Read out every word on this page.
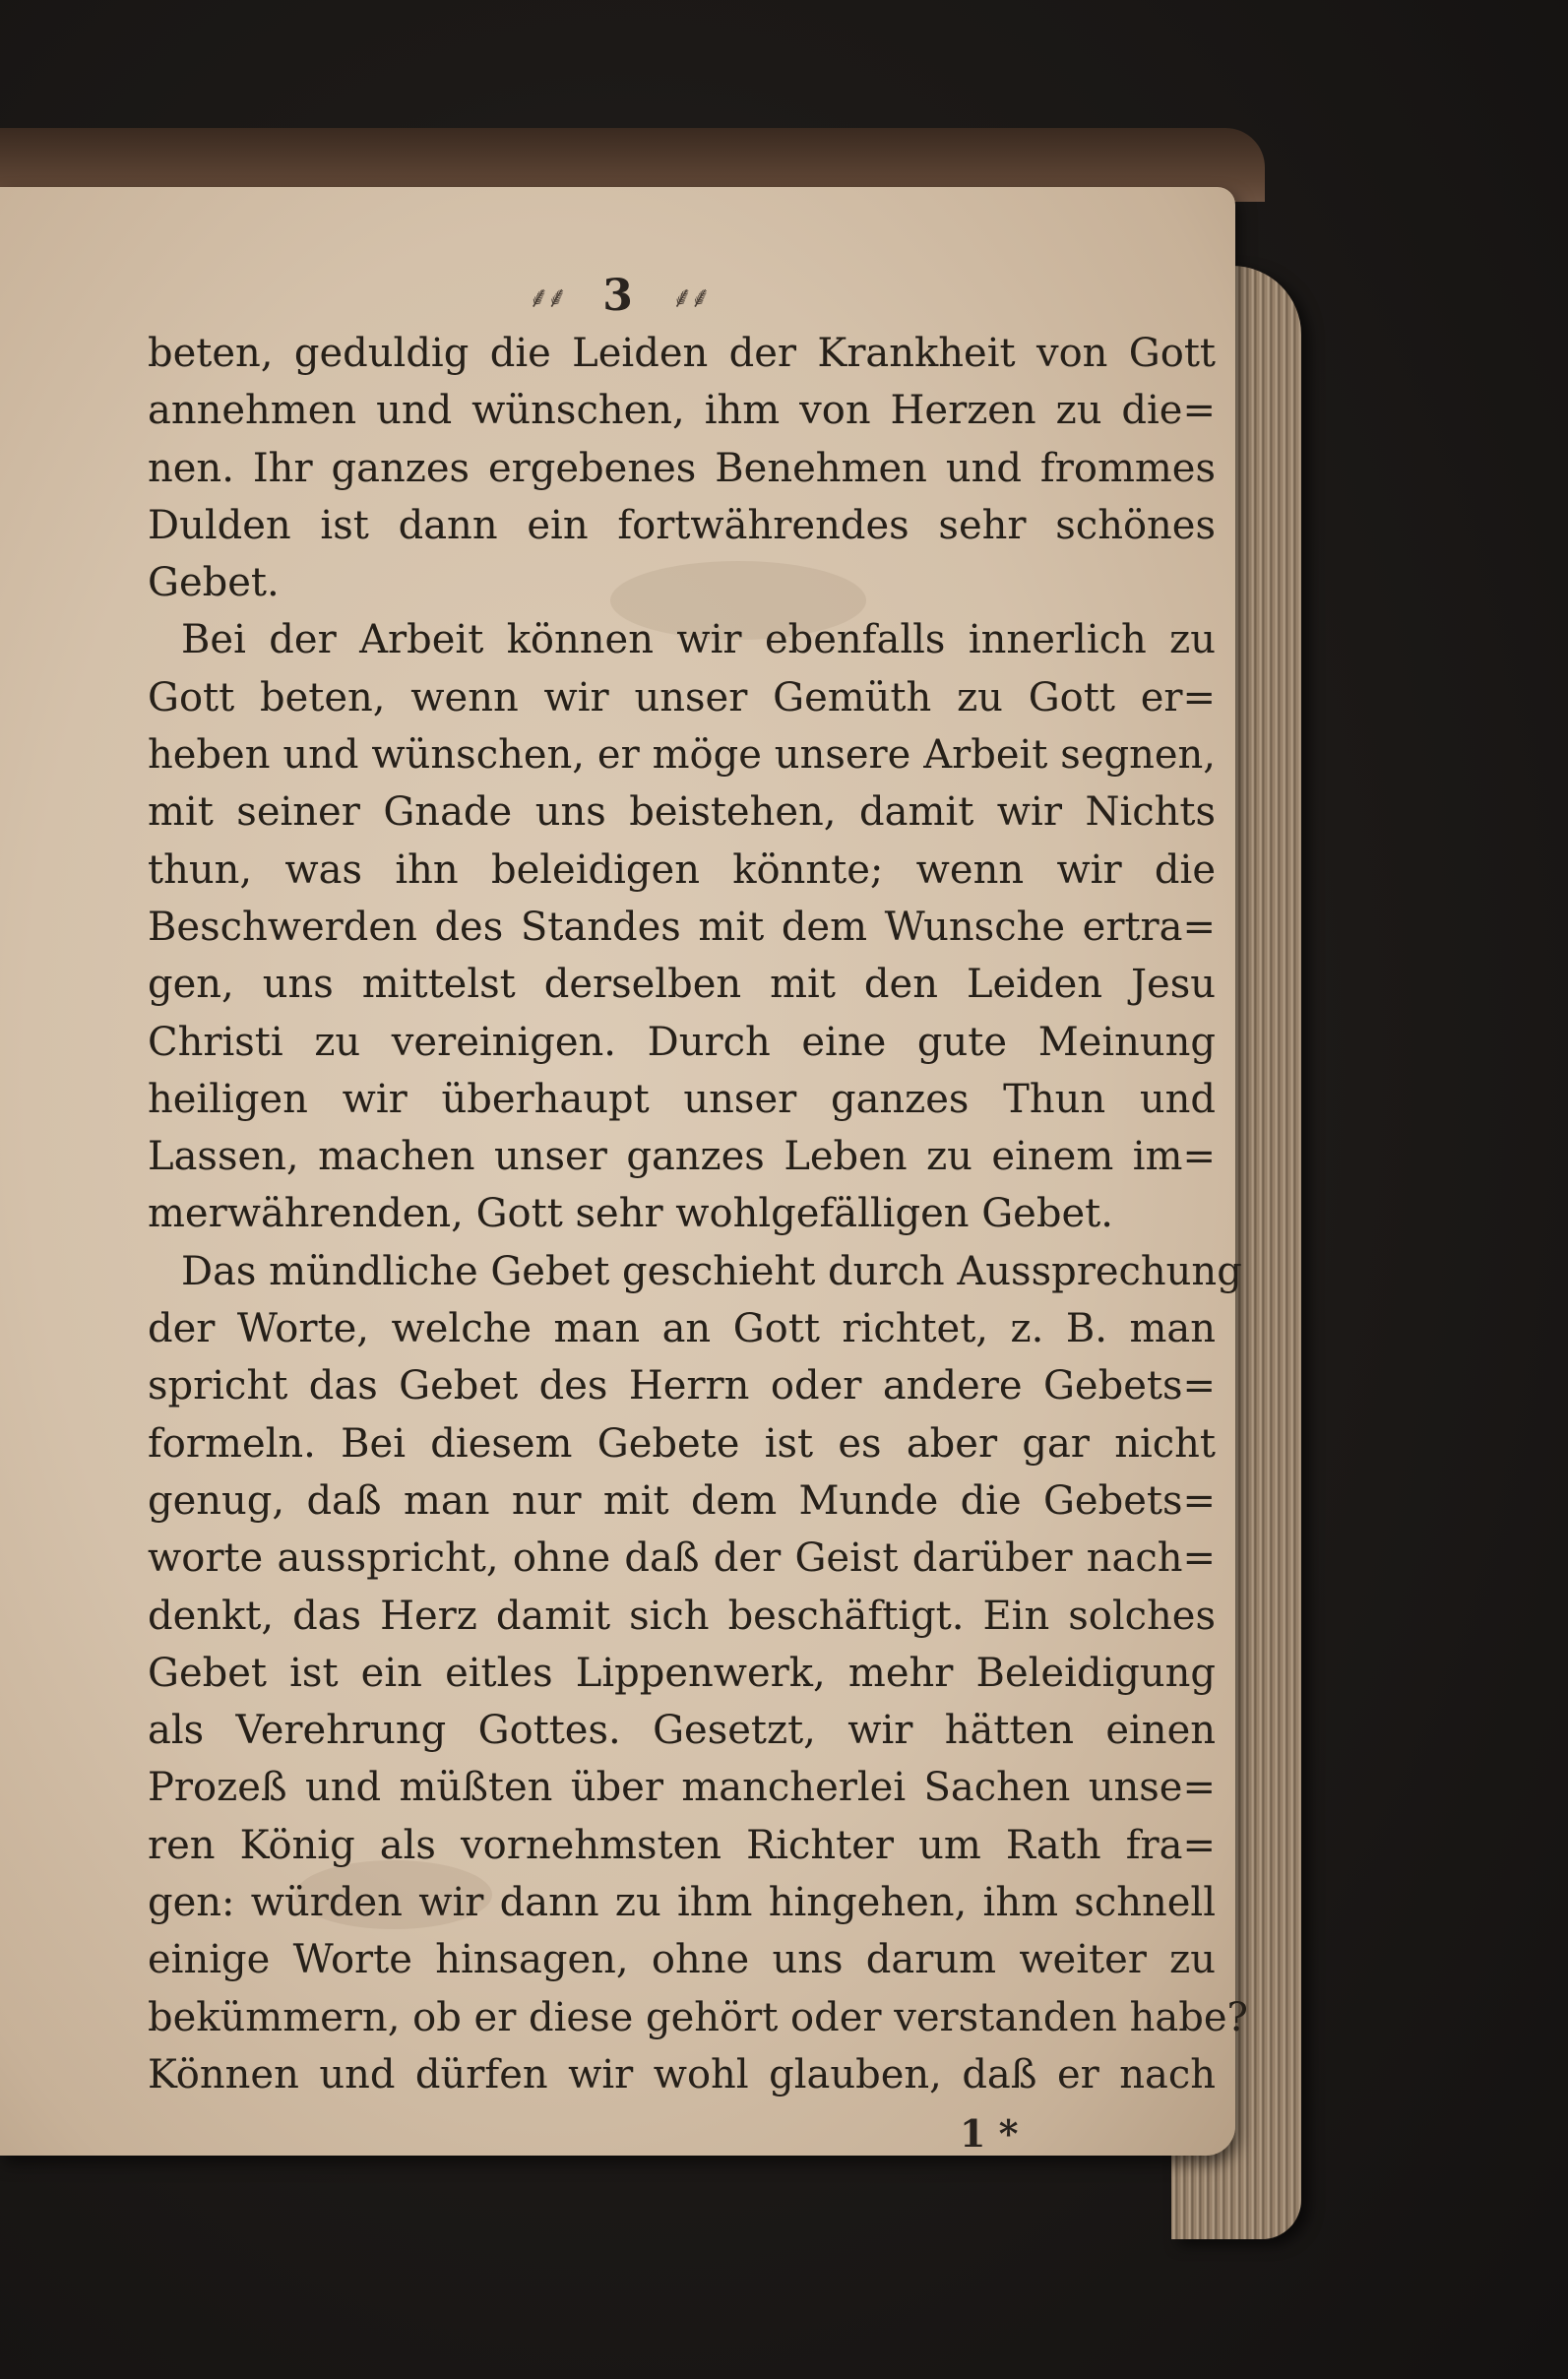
⸙⸙ 3 ⸙⸙
beten, geduldig die Leiden der Krankheit von Gott
annehmen und wünschen, ihm von Herzen zu die=
nen. Ihr ganzes ergebenes Benehmen und frommes
Dulden ist dann ein fortwährendes sehr schönes
Gebet.
Bei der Arbeit können wir ebenfalls innerlich zu
Gott beten, wenn wir unser Gemüth zu Gott er=
heben und wünschen, er möge unsere Arbeit segnen,
mit seiner Gnade uns beistehen, damit wir Nichts
thun, was ihn beleidigen könnte; wenn wir die
Beschwerden des Standes mit dem Wunsche ertra=
gen, uns mittelst derselben mit den Leiden Jesu
Christi zu vereinigen. Durch eine gute Meinung
heiligen wir überhaupt unser ganzes Thun und
Lassen, machen unser ganzes Leben zu einem im=
merwährenden, Gott sehr wohlgefälligen Gebet.
Das mündliche Gebet geschieht durch Aussprechung
der Worte, welche man an Gott richtet, z. B. man
spricht das Gebet des Herrn oder andere Gebets=
formeln. Bei diesem Gebete ist es aber gar nicht
genug, daß man nur mit dem Munde die Gebets=
worte ausspricht, ohne daß der Geist darüber nach=
denkt, das Herz damit sich beschäftigt. Ein solches
Gebet ist ein eitles Lippenwerk, mehr Beleidigung
als Verehrung Gottes. Gesetzt, wir hätten einen
Prozeß und müßten über mancherlei Sachen unse=
ren König als vornehmsten Richter um Rath fra=
gen: würden wir dann zu ihm hingehen, ihm schnell
einige Worte hinsagen, ohne uns darum weiter zu
bekümmern, ob er diese gehört oder verstanden habe?
Können und dürfen wir wohl glauben, daß er nach
1 *
